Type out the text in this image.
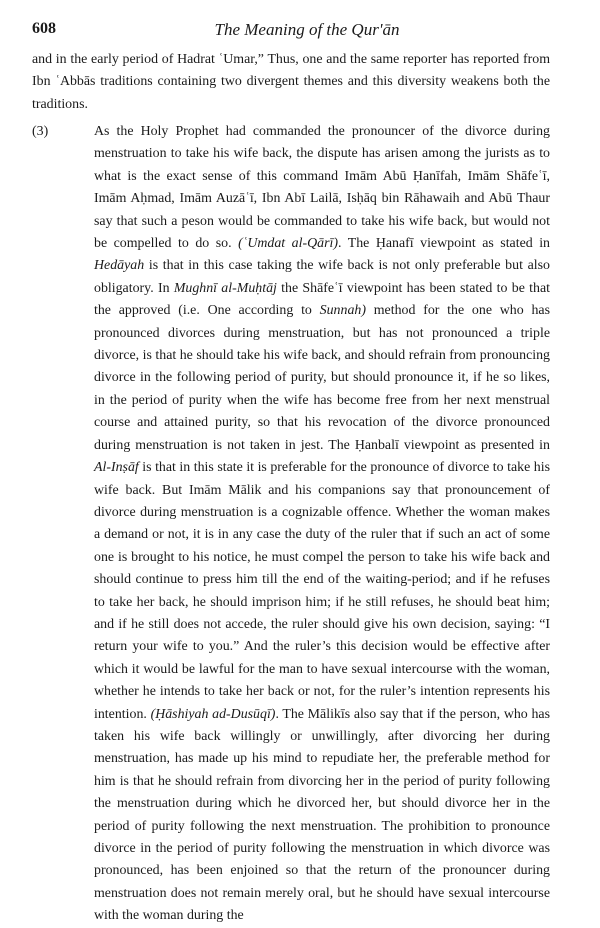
608	The Meaning of the Qur'ān

and in the early period of Hadrat ʿUmar,” Thus, one and the same reporter has reported from Ibn ʿAbbās traditions containing two divergent themes and this diversity weakens both the traditions.

(3)	As the Holy Prophet had commanded the pronouncer of the divorce during menstruation to take his wife back, the dispute has arisen among the jurists as to what is the exact sense of this command Imām Abū Ḥanīfah, Imām Shāfeʿī, Imām Aḥmad, Imām Auzāʿī, Ibn Abī Lailā, Isḥāq bin Rāhawaih and Abū Thaur say that such a peson would be commanded to take his wife back, but would not be compelled to do so. (ʿUmdat al-Qārī). The Ḥanafī viewpoint as stated in Hedāyah is that in this case taking the wife back is not only preferable but also obligatory. In Mughnī al-Muḥtāj the Shāfeʿī viewpoint has been stated to be that the approved (i.e. One according to Sunnah) method for the one who has pronounced divorces during menstruation, but has not pronounced a triple divorce, is that he should take his wife back, and should refrain from pronouncing divorce in the following period of purity, but should pronounce it, if he so likes, in the period of purity when the wife has become free from her next menstrual course and attained purity, so that his revocation of the divorce pronounced during menstruation is not taken in jest. The Ḥanbalī viewpoint as presented in Al-Inṣāf is that in this state it is preferable for the pronounce of divorce to take his wife back. But Imām Mālik and his companions say that pronouncement of divorce during menstruation is a cognizable offence. Whether the woman makes a demand or not, it is in any case the duty of the ruler that if such an act of some one is brought to his notice, he must compel the person to take his wife back and should continue to press him till the end of the waiting-period; and if he refuses to take her back, he should imprison him; if he still refuses, he should beat him; and if he still does not accede, the ruler should give his own decision, saying: “I return your wife to you.” And the ruler’s this decision would be effective after which it would be lawful for the man to have sexual intercourse with the woman, whether he intends to take her back or not, for the ruler’s intention represents his intention. (Ḥāshiyah ad-Dusūqī). The Mālikīs also say that if the person, who has taken his wife back willingly or unwillingly, after divorcing her during menstruation, has made up his mind to repudiate her, the preferable method for him is that he should refrain from divorcing her in the period of purity following the menstruation during which he divorced her, but should divorce her in the period of purity following the next menstruation. The prohibition to pronounce divorce in the period of purity following the menstruation in which divorce was pronounced, has been enjoined so that the return of the pronouncer during menstruation does not remain merely oral, but he should have sexual intercourse with the woman during the
